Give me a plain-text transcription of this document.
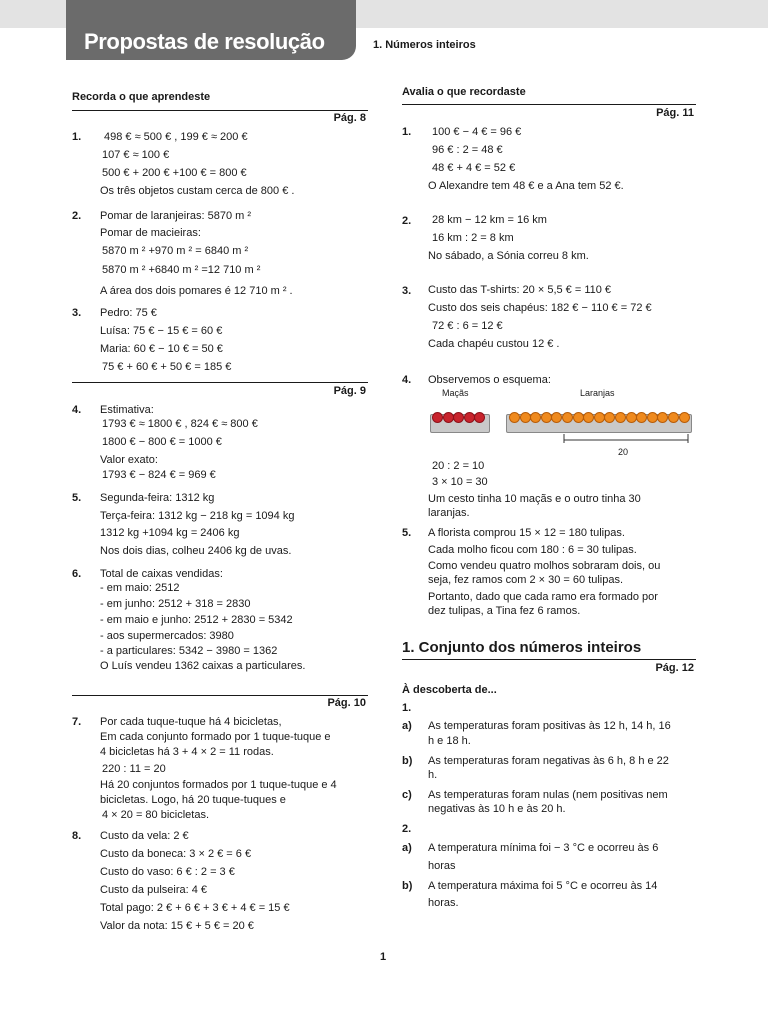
Propostas de resolução	1. Números inteiros
Recorda o que aprendeste
Pág. 8
1. 498 € ≈ 500 € , 199 € ≈ 200 €
107 € ≈ 100 €
500 € + 200 € +100 € = 800 €
Os três objetos custam cerca de 800 € .
2. Pomar de laranjeiras: 5870 m ²
Pomar de macieiras:
5870 m ² +970 m ² = 6840 m ²
5870 m ² +6840 m ² =12 710 m ²
A área dos dois pomares é 12 710 m ² .
3. Pedro: 75 €
Luísa: 75 € − 15 € = 60 €
Maria: 60 € − 10 € = 50 €
75 € + 60 € + 50 € = 185 €
Pág. 9
4. Estimativa:
1793 € ≈ 1800 € , 824 € ≈ 800 €
1800 € − 800 € = 1000 €
Valor exato:
1793 € − 824 € = 969 €
5. Segunda-feira: 1312 kg
Terça-feira: 1312 kg − 218 kg = 1094 kg
1312 kg +1094 kg = 2406 kg
Nos dois dias, colheu 2406 kg de uvas.
6. Total de caixas vendidas:
- em maio: 2512
- em junho: 2512 + 318 = 2830
- em maio e junho: 2512 + 2830 = 5342
- aos supermercados: 3980
- a particulares: 5342 − 3980 = 1362
O Luís vendeu 1362 caixas a particulares.
Pág. 10
7. Por cada tuque-tuque há 4 bicicletas,
Em cada conjunto formado por 1 tuque-tuque e
4 bicicletas há 3 + 4 × 2 = 11 rodas.
220 : 11 = 20
Há 20 conjuntos formados por 1 tuque-tuque e 4
bicicletas. Logo, há 20 tuque-tuques e
4 × 20 = 80 bicicletas.
8. Custo da vela: 2 €
Custo da boneca: 3 × 2 € = 6 €
Custo do vaso: 6 € : 2 = 3 €
Custo da pulseira: 4 €
Total pago: 2 € + 6 € + 3 € + 4 € = 15 €
Valor da nota: 15 € + 5 € = 20 €
Avalia o que recordaste
Pág. 11
1. 100 € − 4 € = 96 €
96 € : 2 = 48 €
48 € + 4 € = 52 €
O Alexandre tem 48 € e a Ana tem 52 €.
2. 28 km − 12 km = 16 km
16 km : 2 = 8 km
No sábado, a Sónia correu 8 km.
3. Custo das T-shirts: 20 × 5,5 € = 110 €
Custo dos seis chapéus: 182 € − 110 € = 72 €
72 € : 6 = 12 €
Cada chapéu custou 12 € .
4. Observemos o esquema:
Maçãs	Laranjas
20
20 : 2 = 10
3 × 10 = 30
Um cesto tinha 10 maçãs e o outro tinha 30
laranjas.
5. A florista comprou 15 × 12 = 180 tulipas.
Cada molho ficou com 180 : 6 = 30 tulipas.
Como vendeu quatro molhos sobraram dois, ou
seja, fez ramos com 2 × 30 = 60 tulipas.
Portanto, dado que cada ramo era formado por
dez tulipas, a Tina fez 6 ramos.
1. Conjunto dos números inteiros
Pág. 12
À descoberta de...
1.
a) As temperaturas foram positivas às 12 h, 14 h, 16
h e 18 h.
b) As temperaturas foram negativas às 6 h, 8 h e 22
h.
c) As temperaturas foram nulas (nem positivas nem
negativas às 10 h e às 20 h.
2.
a) A temperatura mínima foi − 3 °C e ocorreu às 6
horas
b) A temperatura máxima foi 5 °C e ocorreu às 14
horas.
1
